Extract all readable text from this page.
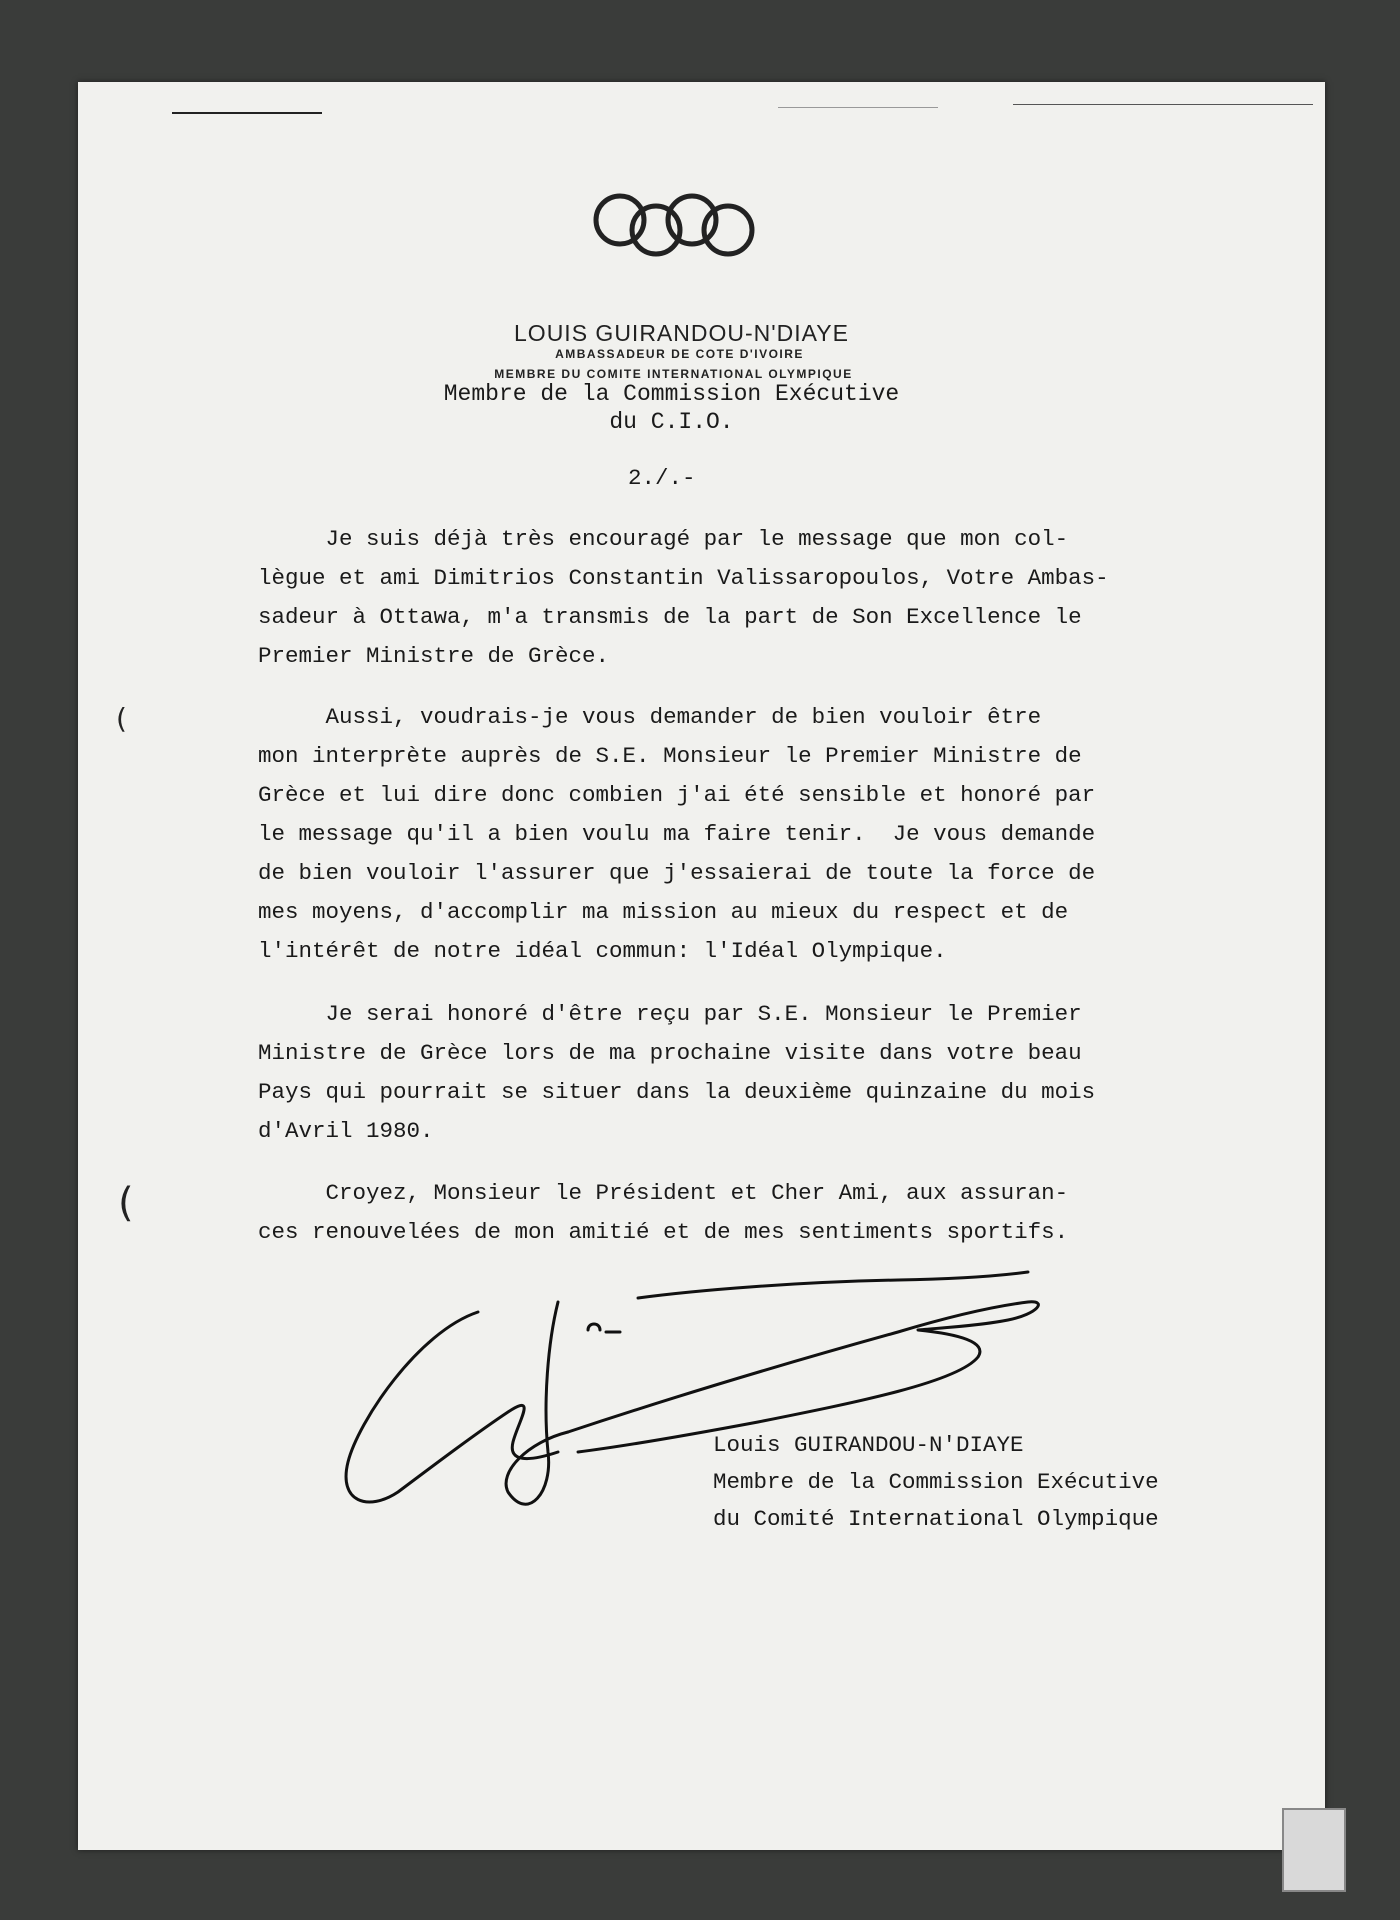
LOUIS GUIRANDOU-N'DIAYE
AMBASSADEUR DE COTE D'IVOIRE
MEMBRE DU COMITE INTERNATIONAL OLYMPIQUE
Membre de la Commission Exécutive
du C.I.O.
2./.-
Je suis déjà très encouragé par le message que mon col-
lègue et ami Dimitrios Constantin Valissaropoulos, Votre Ambas-
sadeur à Ottawa, m'a transmis de la part de Son Excellence le
Premier Ministre de Grèce.
Aussi, voudrais-je vous demander de bien vouloir être
mon interprète auprès de S.E. Monsieur le Premier Ministre de
Grèce et lui dire donc combien j'ai été sensible et honoré par
le message qu'il a bien voulu ma faire tenir.  Je vous demande
de bien vouloir l'assurer que j'essaierai de toute la force de
mes moyens, d'accomplir ma mission au mieux du respect et de
l'intérêt de notre idéal commun: l'Idéal Olympique.
Je serai honoré d'être reçu par S.E. Monsieur le Premier
Ministre de Grèce lors de ma prochaine visite dans votre beau
Pays qui pourrait se situer dans la deuxième quinzaine du mois
d'Avril 1980.
Croyez, Monsieur le Président et Cher Ami, aux assuran-
ces renouvelées de mon amitié et de mes sentiments sportifs.
Louis GUIRANDOU-N'DIAYE
Membre de la Commission Exécutive
du Comité International Olympique
(
(
